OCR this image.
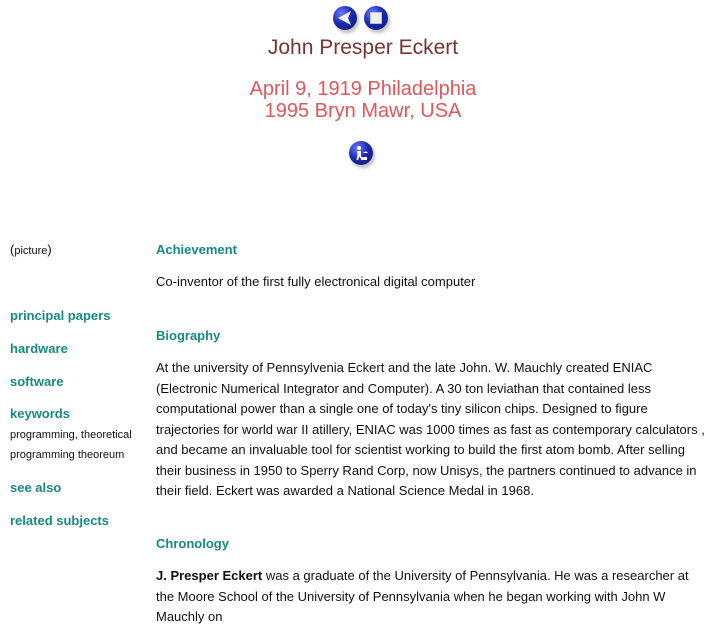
John Presper Eckert
April 9, 1919 Philadelphia
1995 Bryn Mawr, USA
(picture)
principal papers
hardware
software
keywords
programming, theoretical
programming theoreum
see also
related subjects
Achievement
Co-inventor of the first fully electronical digital computer
Biography
At the university of Pennsylvenia Eckert and the late John. W. Mauchly created ENIAC (Electronic Numerical Integrator and Computer). A 30 ton leviathan that contained less computational power than a single one of today's tiny silicon chips. Designed to figure trajectories for world war II atillery, ENIAC was 1000 times as fast as contemporary calculators , and became an invaluable tool for scientist working to build the first atom bomb. After selling their business in 1950 to Sperry Rand Corp, now Unisys, the partners continued to advance in their field. Eckert was awarded a National Science Medal in 1968.
Chronology
J. Presper Eckert was a graduate of the University of Pennsylvania. He was a researcher at the Moore School of the University of Pennsylvania when he began working with John W Mauchly on
